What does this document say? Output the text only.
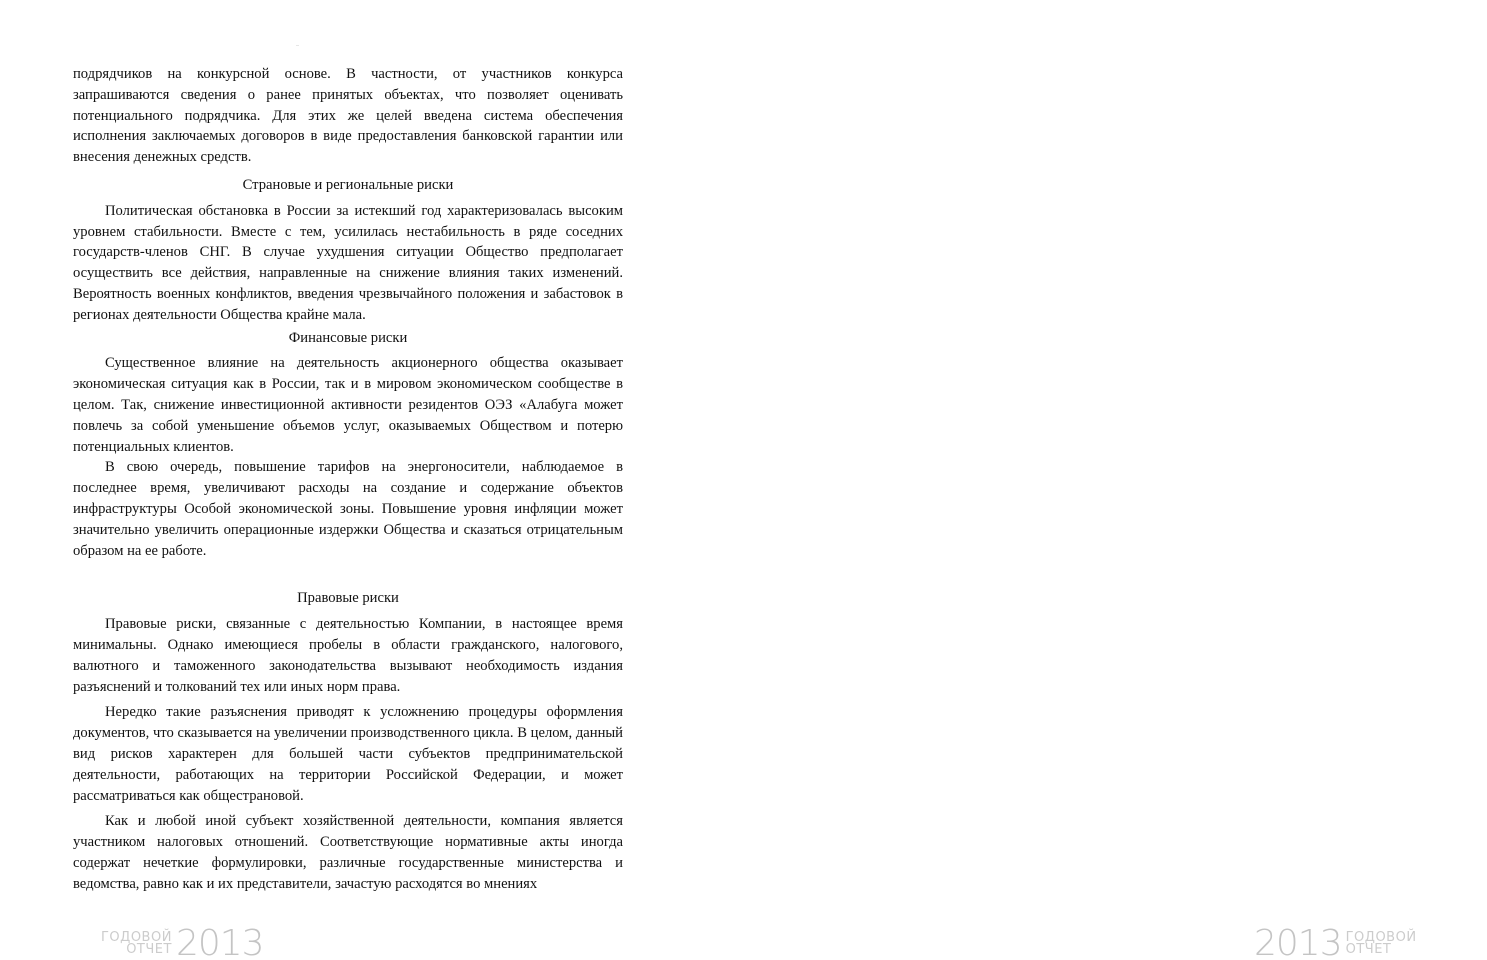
подрядчиков на конкурсной основе. В частности, от участников конкурса запрашиваются сведения о ранее принятых объектах, что позволяет оценивать потенциального подрядчика. Для этих же целей введена система обеспечения исполнения заключаемых договоров в виде предоставления банковской гарантии или внесения денежных средств.

Страновые и региональные риски

Политическая обстановка в России за истекший год характеризовалась высоким уровнем стабильности. Вместе с тем, усилилась нестабильность в ряде соседних государств-членов СНГ. В случае ухудшения ситуации Общество предполагает осуществить все действия, направленные на снижение влияния таких изменений. Вероятность военных конфликтов, введения чрезвычайного положения и забастовок в регионах деятельности Общества крайне мала.

Финансовые риски

Существенное влияние на деятельность акционерного общества оказывает экономическая ситуация как в России, так и в мировом экономическом сообществе в целом. Так, снижение инвестиционной активности резидентов ОЭЗ «Алабуга может повлечь за собой уменьшение объемов услуг, оказываемых Обществом и потерю потенциальных клиентов.

В свою очередь, повышение тарифов на энергоносители, наблюдаемое в последнее время, увеличивают расходы на создание и содержание объектов инфраструктуры Особой экономической зоны. Повышение уровня инфляции может значительно увеличить операционные издержки Общества и сказаться отрицательным образом на ее работе.

Правовые риски

Правовые риски, связанные с деятельностью Компании, в настоящее время минимальны. Однако имеющиеся пробелы в области гражданского, налогового, валютного и таможенного законодательства вызывают необходимость издания разъяснений и толкований тех или иных норм права.

Нередко такие разъяснения приводят к усложнению процедуры оформления документов, что сказывается на увеличении производственного цикла. В целом, данный вид рисков характерен для большей части субъектов предпринимательской деятельности, работающих на территории Российской Федерации, и может рассматриваться как общестрановой.

Как и любой иной субъект хозяйственной деятельности, компания является участником налоговых отношений. Соответствующие нормативные акты иногда содержат нечеткие формулировки, различные государственные министерства и ведомства, равно как и их представители, зачастую расходятся во мнениях

ГОДОВОЙ
ОТЧЕТ 2013	2013 ГОДОВОЙ
ОТЧЕТ
